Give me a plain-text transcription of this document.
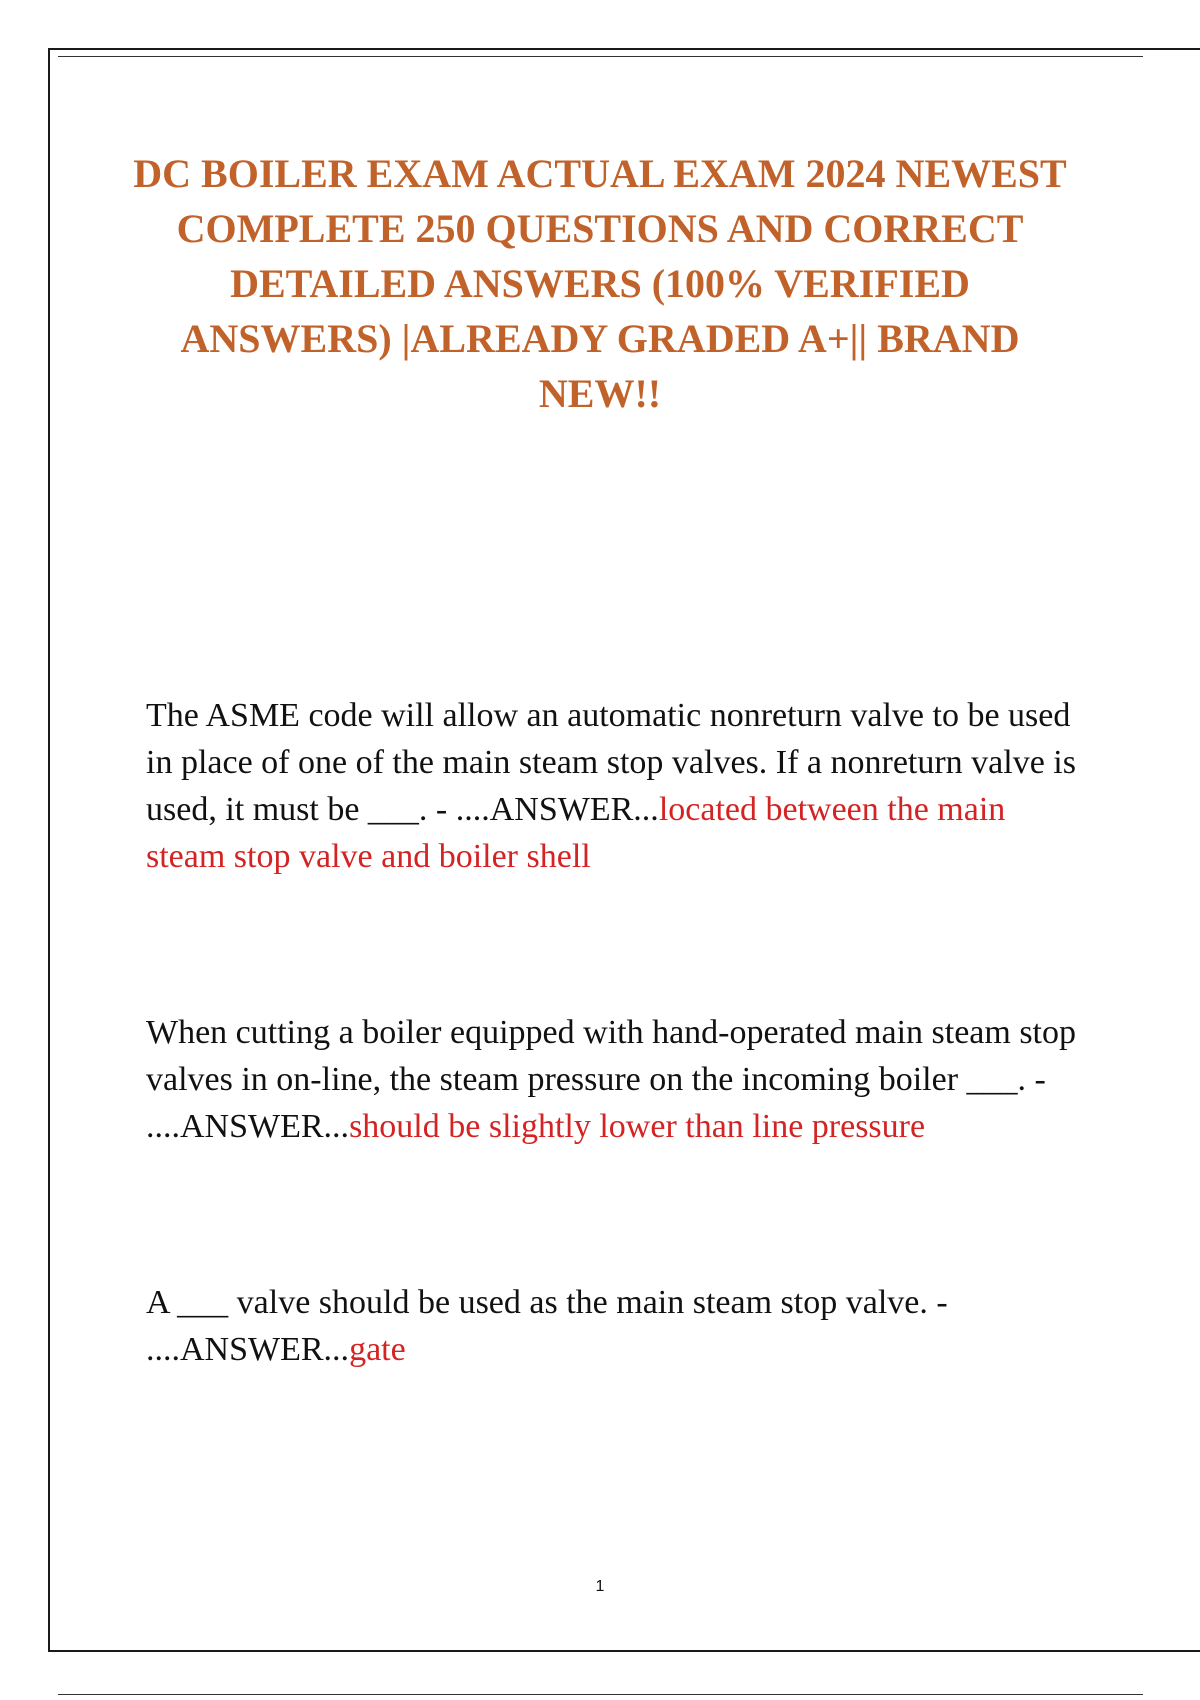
DC BOILER EXAM ACTUAL EXAM 2024 NEWEST COMPLETE 250 QUESTIONS AND CORRECT DETAILED ANSWERS (100% VERIFIED ANSWERS) |ALREADY GRADED A+|| BRAND NEW!!

The ASME code will allow an automatic nonreturn valve to be used in place of one of the main steam stop valves. If a nonreturn valve is used, it must be ___. - ....ANSWER...located between the main steam stop valve and boiler shell

When cutting a boiler equipped with hand-operated main steam stop valves in on-line, the steam pressure on the incoming boiler ___. - ....ANSWER...should be slightly lower than line pressure

A ___ valve should be used as the main steam stop valve. - ....ANSWER...gate

1
